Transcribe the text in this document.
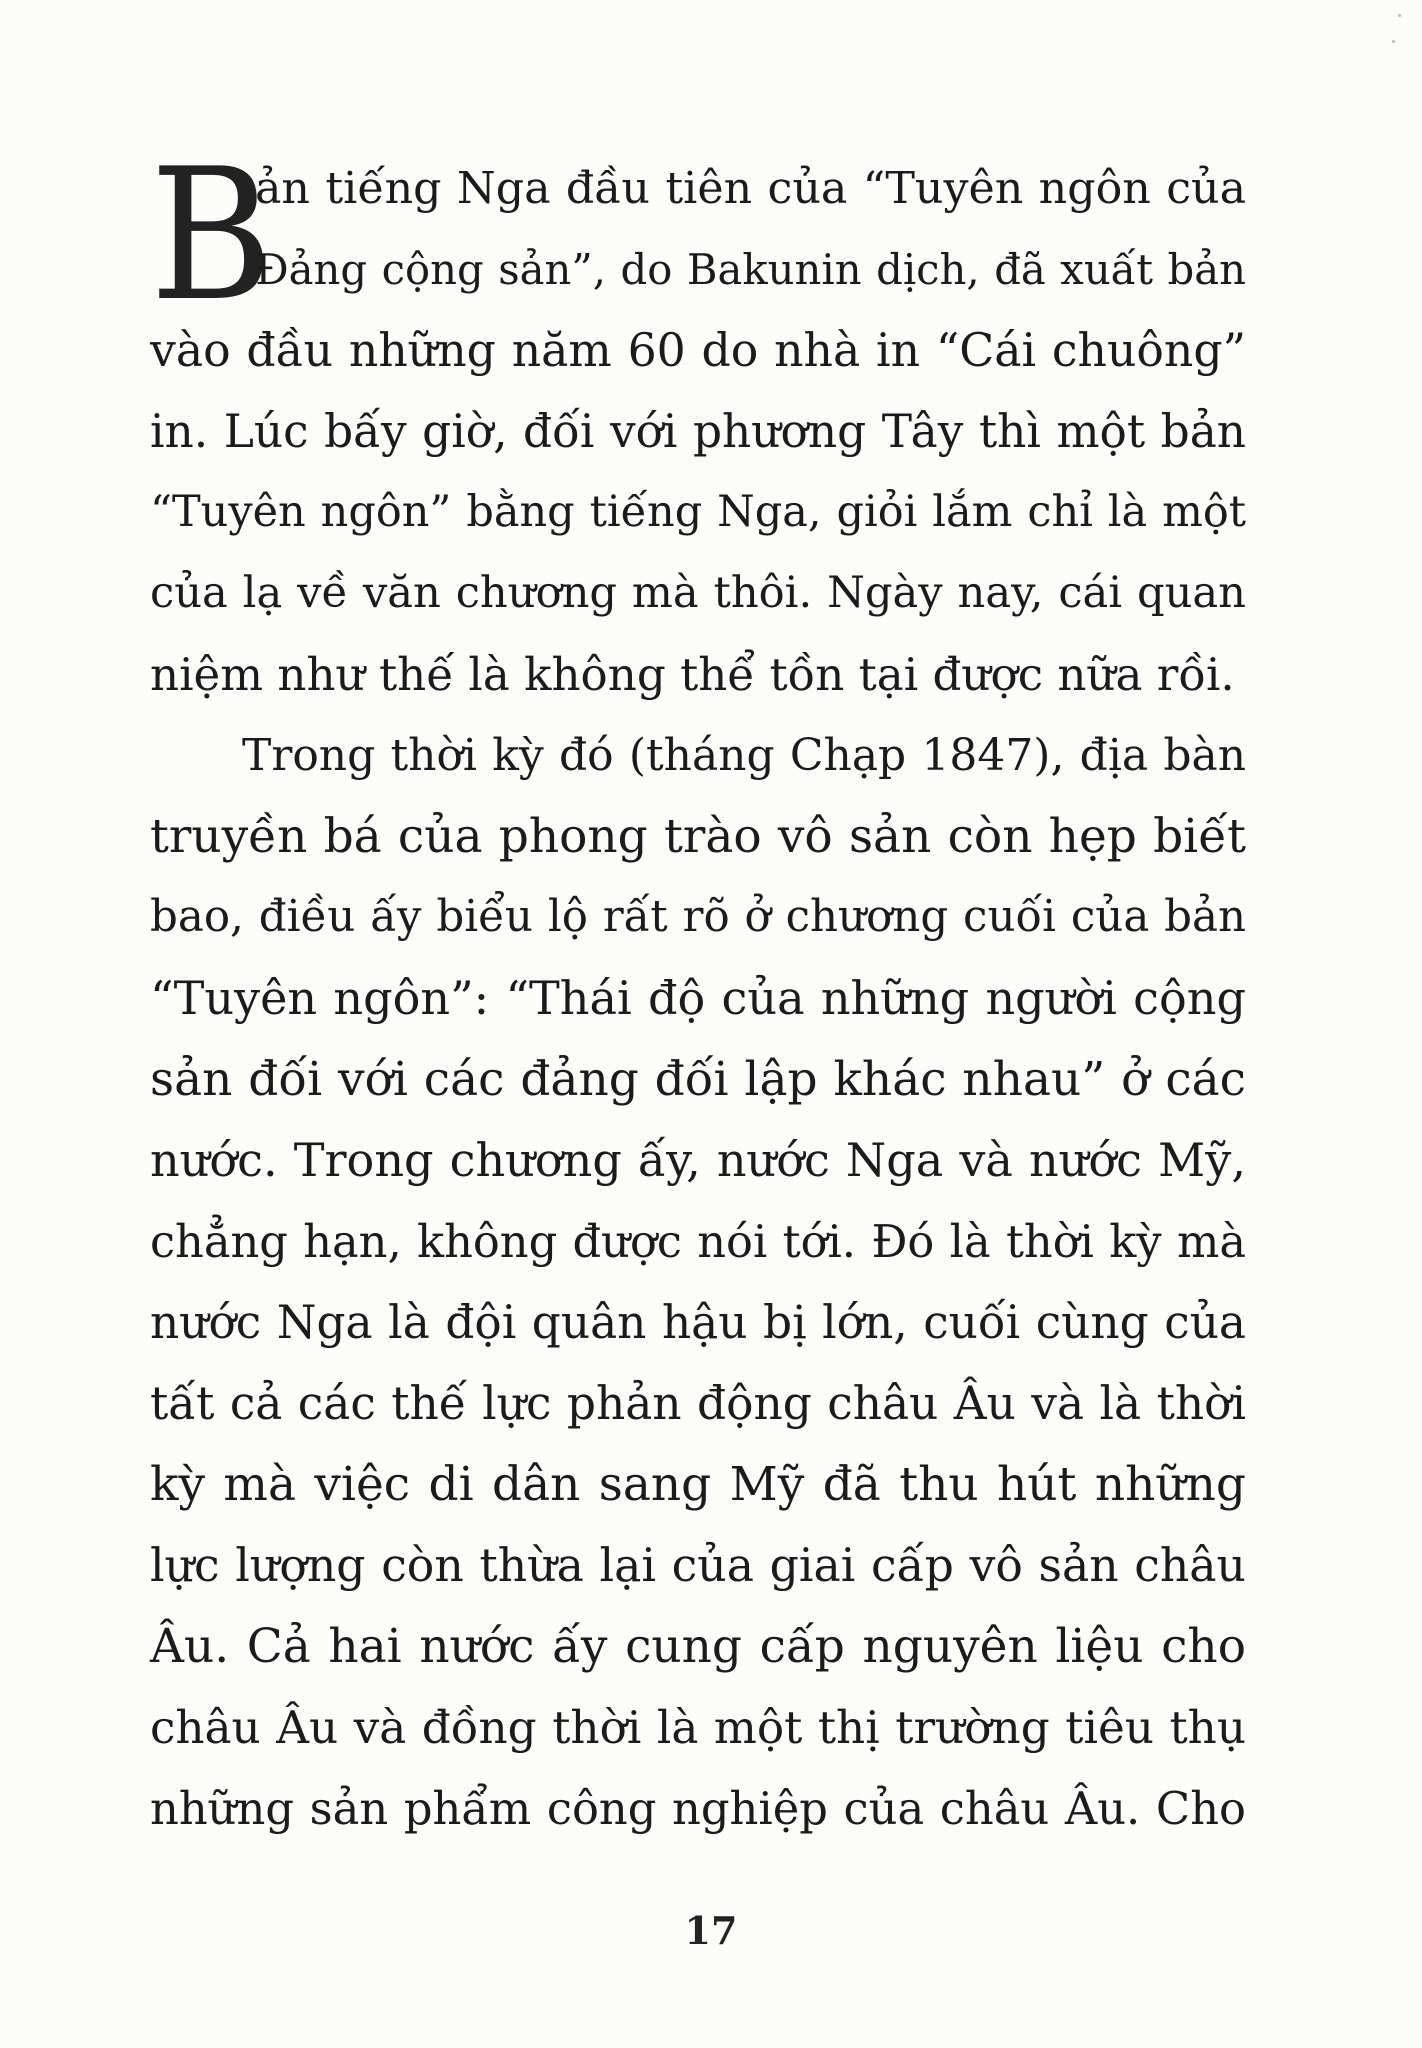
B
ản tiếng Nga đầu tiên của “Tuyên ngôn của
Đảng cộng sản”, do Bakunin dịch, đã xuất bản
vào đầu những năm 60 do nhà in “Cái chuông”
in. Lúc bấy giờ, đối với phương Tây thì một bản
“Tuyên ngôn” bằng tiếng Nga, giỏi lắm chỉ là một
của lạ về văn chương mà thôi. Ngày nay, cái quan
niệm như thế là không thể tồn tại được nữa rồi.
Trong thời kỳ đó (tháng Chạp 1847), địa bàn
truyền bá của phong trào vô sản còn hẹp biết
bao, điều ấy biểu lộ rất rõ ở chương cuối của bản
“Tuyên ngôn”: “Thái độ của những người cộng
sản đối với các đảng đối lập khác nhau” ở các
nước. Trong chương ấy, nước Nga và nước Mỹ,
chẳng hạn, không được nói tới. Đó là thời kỳ mà
nước Nga là đội quân hậu bị lớn, cuối cùng của
tất cả các thế lực phản động châu Âu và là thời
kỳ mà việc di dân sang Mỹ đã thu hút những
lực lượng còn thừa lại của giai cấp vô sản châu
Âu. Cả hai nước ấy cung cấp nguyên liệu cho
châu Âu và đồng thời là một thị trường tiêu thụ
những sản phẩm công nghiệp của châu Âu. Cho
17
